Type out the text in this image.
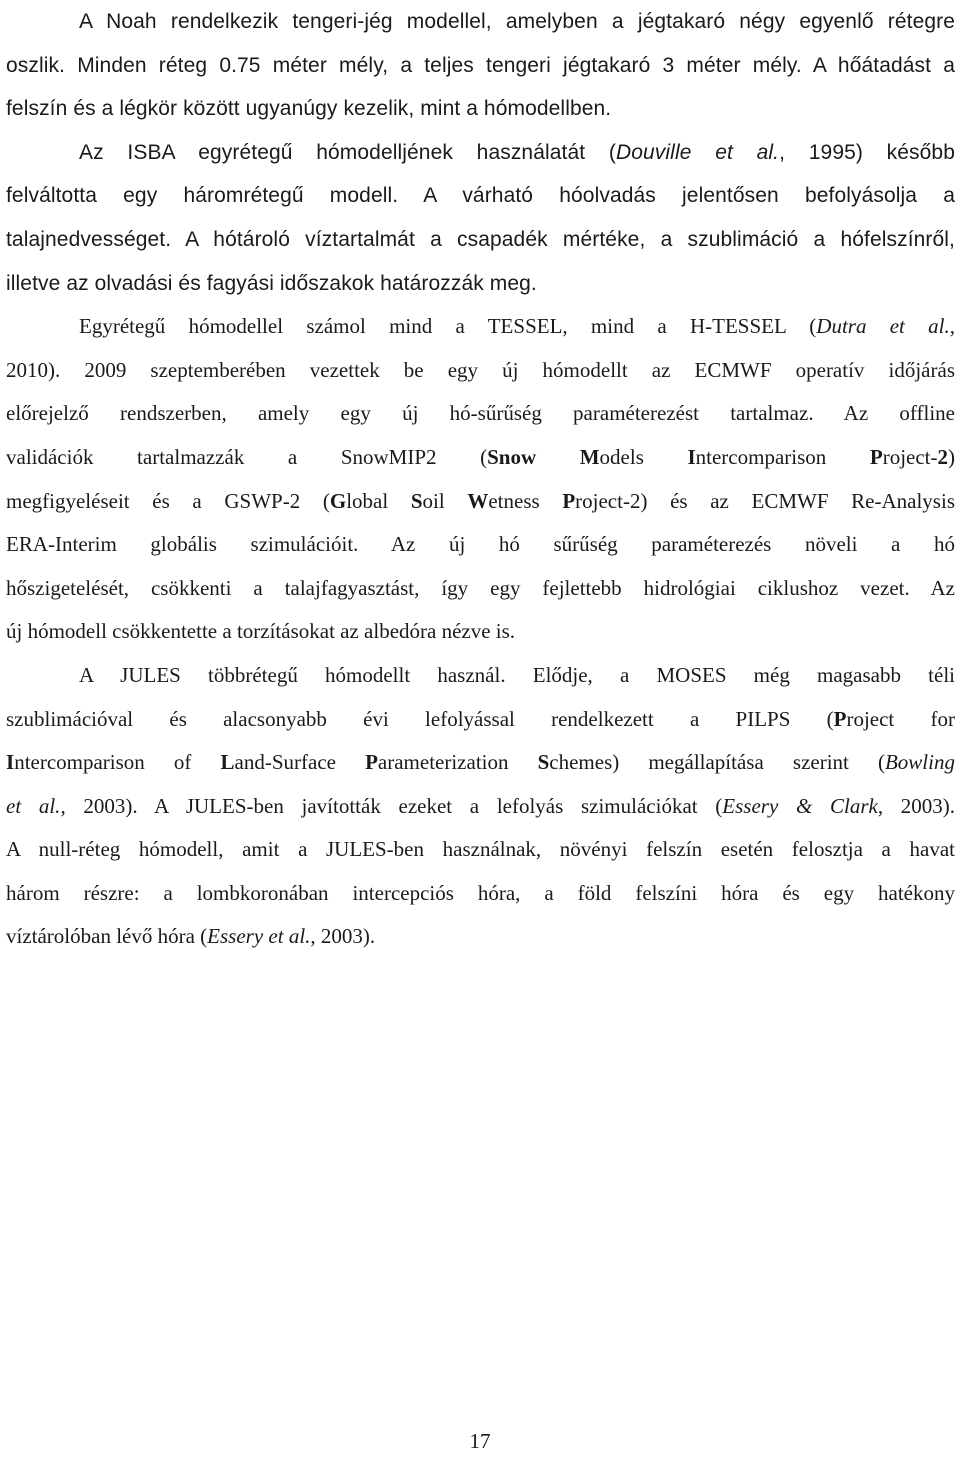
A Noah rendelkezik tengeri-jég modellel, amelyben a jégtakaró négy egyenlő rétegre
oszlik. Minden réteg 0.75 méter mély, a teljes tengeri jégtakaró 3 méter mély. A hőátadást a
felszín és a légkör között ugyanúgy kezelik, mint a hómodellben.
Az ISBA egyrétegű hómodelljének használatát (Douville et al., 1995) később
felváltotta egy háromrétegű modell. A várható hóolvadás jelentősen befolyásolja a
talajnedvességet. A hótároló víztartalmát a csapadék mértéke, a szublimáció a hófelszínről,
illetve az olvadási és fagyási időszakok határozzák meg.
Egyrétegű hómodellel számol mind a TESSEL, mind a H-TESSEL (Dutra et al.,
2010). 2009 szeptemberében vezettek be egy új hómodellt az ECMWF operatív időjárás
előrejelző rendszerben, amely egy új hó-sűrűség paraméterezést tartalmaz. Az offline
validációk tartalmazzák a SnowMIP2 (Snow Models Intercomparison Project-2)
megfigyeléseit és a GSWP-2 (Global Soil Wetness Project-2) és az ECMWF Re-Analysis
ERA-Interim globális szimulációit. Az új hó sűrűség paraméterezés növeli a hó
hőszigetelését, csökkenti a talajfagyasztást, így egy fejlettebb hidrológiai ciklushoz vezet. Az
új hómodell csökkentette a torzításokat az albedóra nézve is.
A JULES többrétegű hómodellt használ. Elődje, a MOSES még magasabb téli
szublimációval és alacsonyabb évi lefolyással rendelkezett a PILPS (Project for
Intercomparison of Land-Surface Parameterization Schemes) megállapítása szerint (Bowling
et al., 2003). A JULES-ben javították ezeket a lefolyás szimulációkat (Essery & Clark, 2003).
A null-réteg hómodell, amit a JULES-ben használnak, növényi felszín esetén felosztja a havat
három részre: a lombkoronában intercepciós hóra, a föld felszíni hóra és egy hatékony
víztárolóban lévő hóra (Essery et al., 2003).
17
